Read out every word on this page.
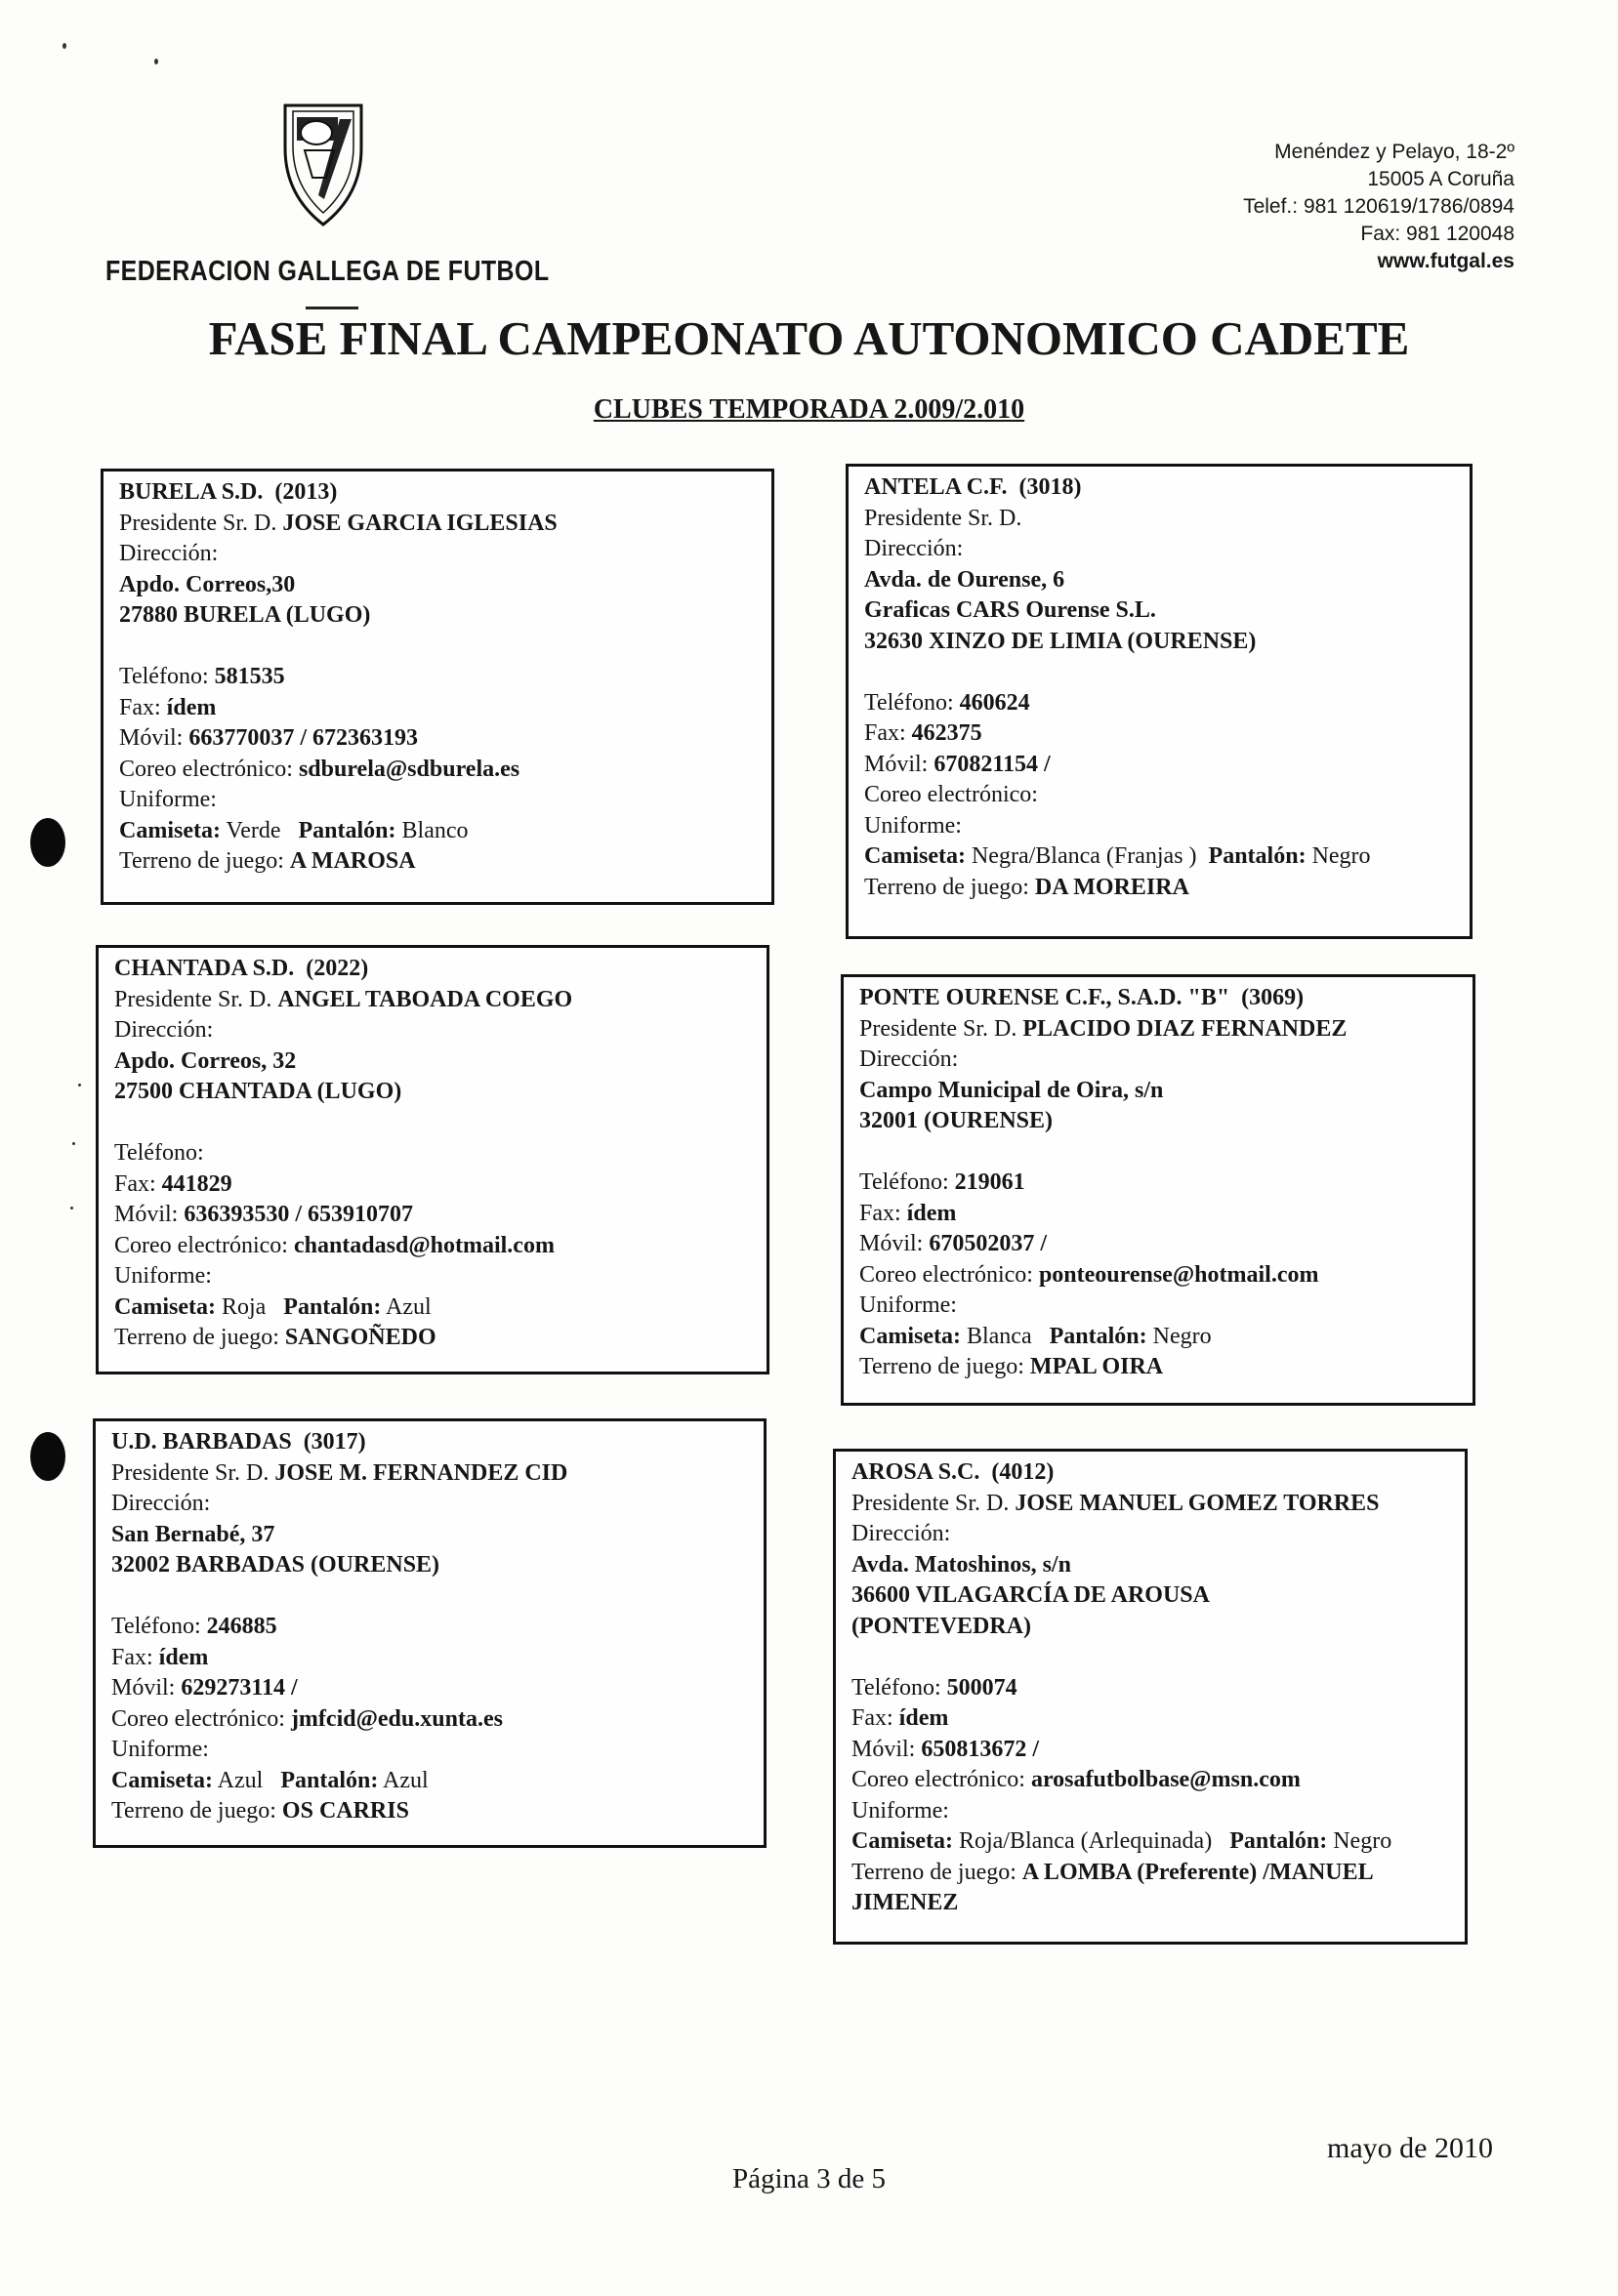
FEDERACION GALLEGA DE FUTBOL
Menéndez y Pelayo, 18-2º
15005 A Coruña
Telef.: 981 120619/1786/0894
Fax: 981 120048
www.futgal.es
FASE FINAL CAMPEONATO AUTONOMICO CADETE
CLUBES TEMPORADA 2.009/2.010
BURELA S.D. (2013)
Presidente Sr. D. JOSE GARCIA IGLESIAS
Dirección:
Apdo. Correos,30
27880 BURELA (LUGO)
Teléfono: 581535
Fax: ídem
Móvil: 663770037 / 672363193
Coreo electrónico: sdburela@sdburela.es
Uniforme:
Camiseta: Verde Pantalón: Blanco
Terreno de juego: A MAROSA
ANTELA C.F. (3018)
Presidente Sr. D.
Dirección:
Avda. de Ourense, 6
Graficas CARS Ourense S.L.
32630 XINZO DE LIMIA (OURENSE)
Teléfono: 460624
Fax: 462375
Móvil: 670821154 /
Coreo electrónico:
Uniforme:
Camiseta: Negra/Blanca (Franjas ) Pantalón: Negro
Terreno de juego: DA MOREIRA
CHANTADA S.D. (2022)
Presidente Sr. D. ANGEL TABOADA COEGO
Dirección:
Apdo. Correos, 32
27500 CHANTADA (LUGO)
Teléfono:
Fax: 441829
Móvil: 636393530 / 653910707
Coreo electrónico: chantadasd@hotmail.com
Uniforme:
Camiseta: Roja Pantalón: Azul
Terreno de juego: SANGOÑEDO
PONTE OURENSE C.F., S.A.D. "B" (3069)
Presidente Sr. D. PLACIDO DIAZ FERNANDEZ
Dirección:
Campo Municipal de Oira, s/n
32001 (OURENSE)
Teléfono: 219061
Fax: ídem
Móvil: 670502037 /
Coreo electrónico: ponteourense@hotmail.com
Uniforme:
Camiseta: Blanca Pantalón: Negro
Terreno de juego: MPAL OIRA
U.D. BARBADAS (3017)
Presidente Sr. D. JOSE M. FERNANDEZ CID
Dirección:
San Bernabé, 37
32002 BARBADAS (OURENSE)
Teléfono: 246885
Fax: ídem
Móvil: 629273114 /
Coreo electrónico: jmfcid@edu.xunta.es
Uniforme:
Camiseta: Azul Pantalón: Azul
Terreno de juego: OS CARRIS
AROSA S.C. (4012)
Presidente Sr. D. JOSE MANUEL GOMEZ TORRES
Dirección:
Avda. Matoshinos, s/n
36600 VILAGARCÍA DE AROUSA
(PONTEVEDRA)
Teléfono: 500074
Fax: ídem
Móvil: 650813672 /
Coreo electrónico: arosafutbolbase@msn.com
Uniforme:
Camiseta: Roja/Blanca (Arlequinada) Pantalón: Negro
Terreno de juego: A LOMBA (Preferente) /MANUEL
JIMENEZ
Página 3 de 5
mayo de 2010
